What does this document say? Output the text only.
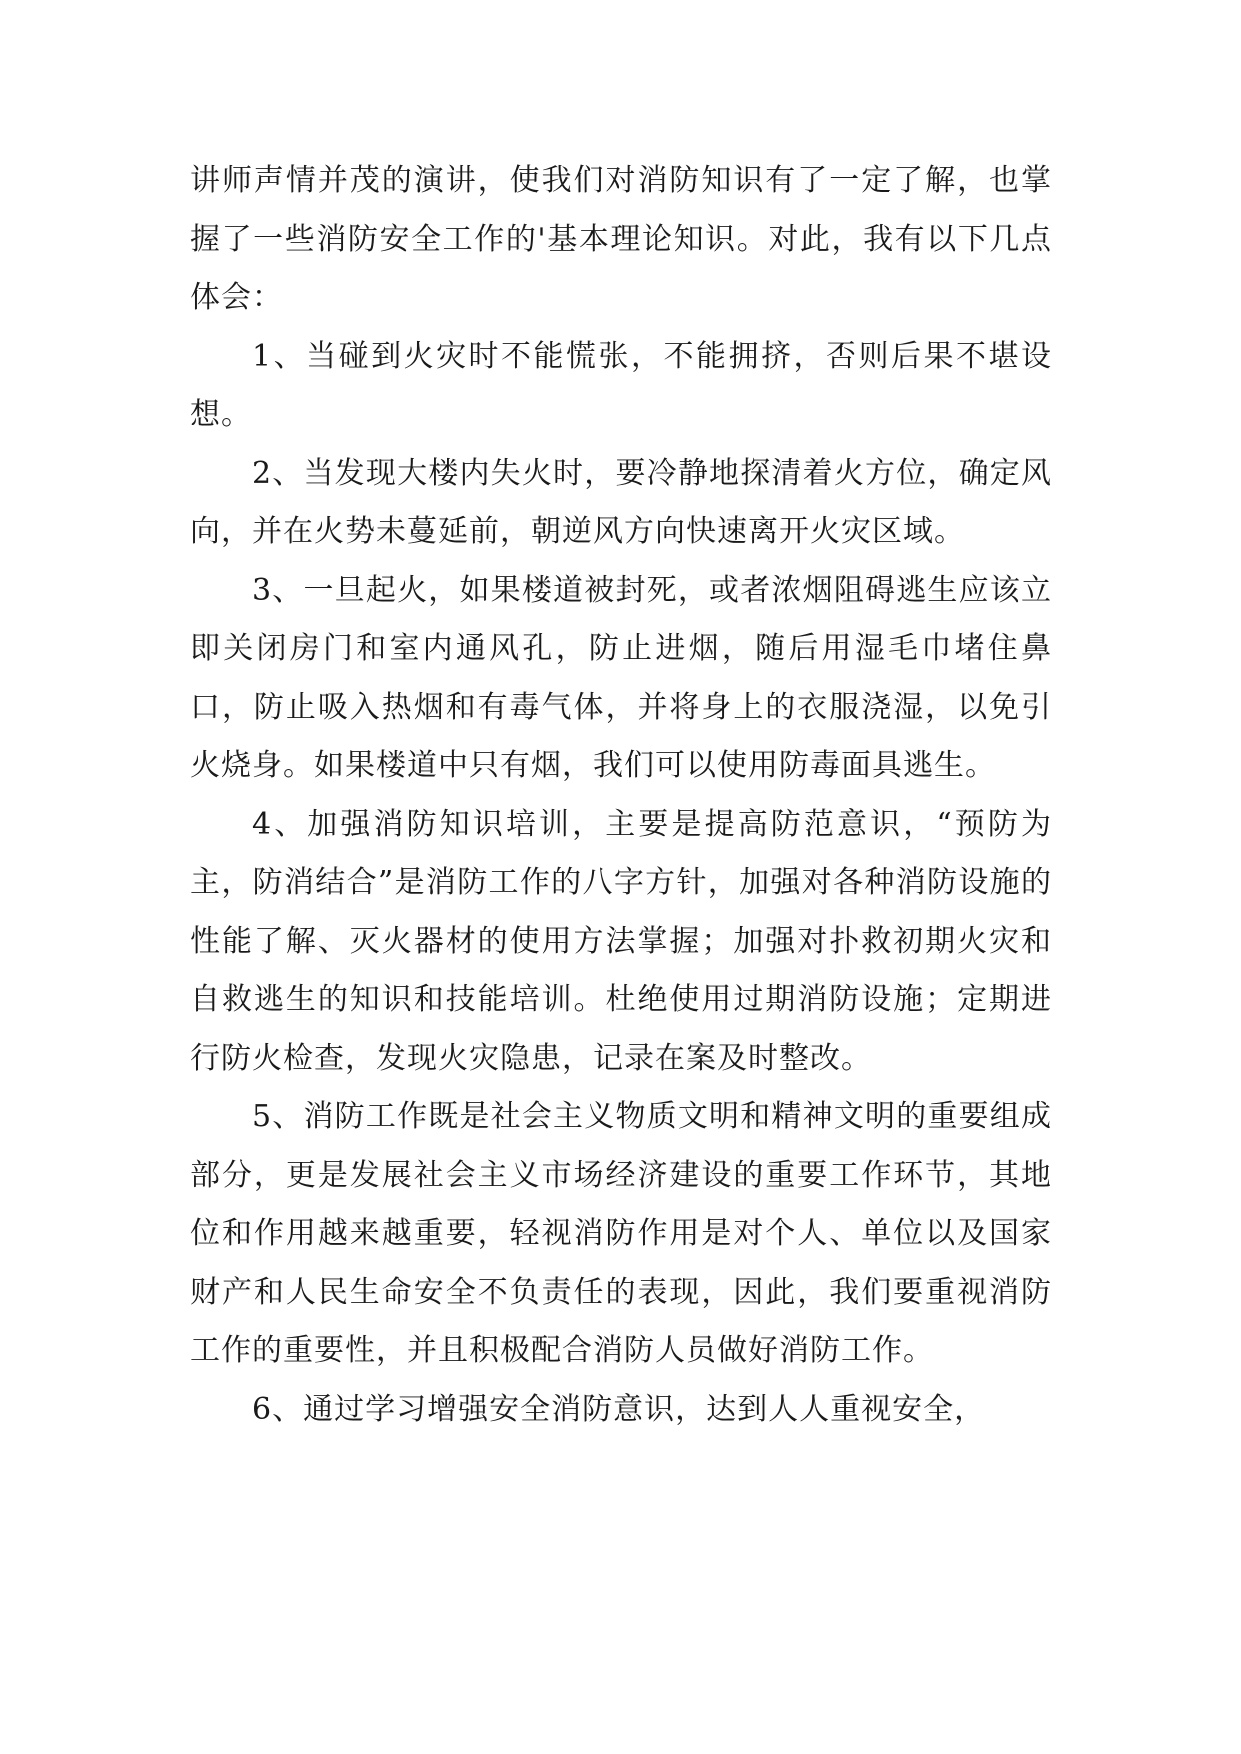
讲师声情并茂的演讲，使我们对消防知识有了一定了解，也掌握了一些消防安全工作的'基本理论知识。对此，我有以下几点体会：

1、当碰到火灾时不能慌张，不能拥挤，否则后果不堪设想。

2、当发现大楼内失火时，要冷静地探清着火方位，确定风向，并在火势未蔓延前，朝逆风方向快速离开火灾区域。

3、一旦起火，如果楼道被封死，或者浓烟阻碍逃生应该立即关闭房门和室内通风孔，防止进烟，随后用湿毛巾堵住鼻口，防止吸入热烟和有毒气体，并将身上的衣服浇湿，以免引火烧身。如果楼道中只有烟，我们可以使用防毒面具逃生。

4、加强消防知识培训，主要是提高防范意识，“预防为主，防消结合”是消防工作的八字方针，加强对各种消防设施的性能了解、灭火器材的使用方法掌握；加强对扑救初期火灾和自救逃生的知识和技能培训。杜绝使用过期消防设施；定期进行防火检查，发现火灾隐患，记录在案及时整改。

5、消防工作既是社会主义物质文明和精神文明的重要组成部分，更是发展社会主义市场经济建设的重要工作环节，其地位和作用越来越重要，轻视消防作用是对个人、单位以及国家财产和人民生命安全不负责任的表现，因此，我们要重视消防工作的重要性，并且积极配合消防人员做好消防工作。

6、通过学习增强安全消防意识，达到人人重视安全，
